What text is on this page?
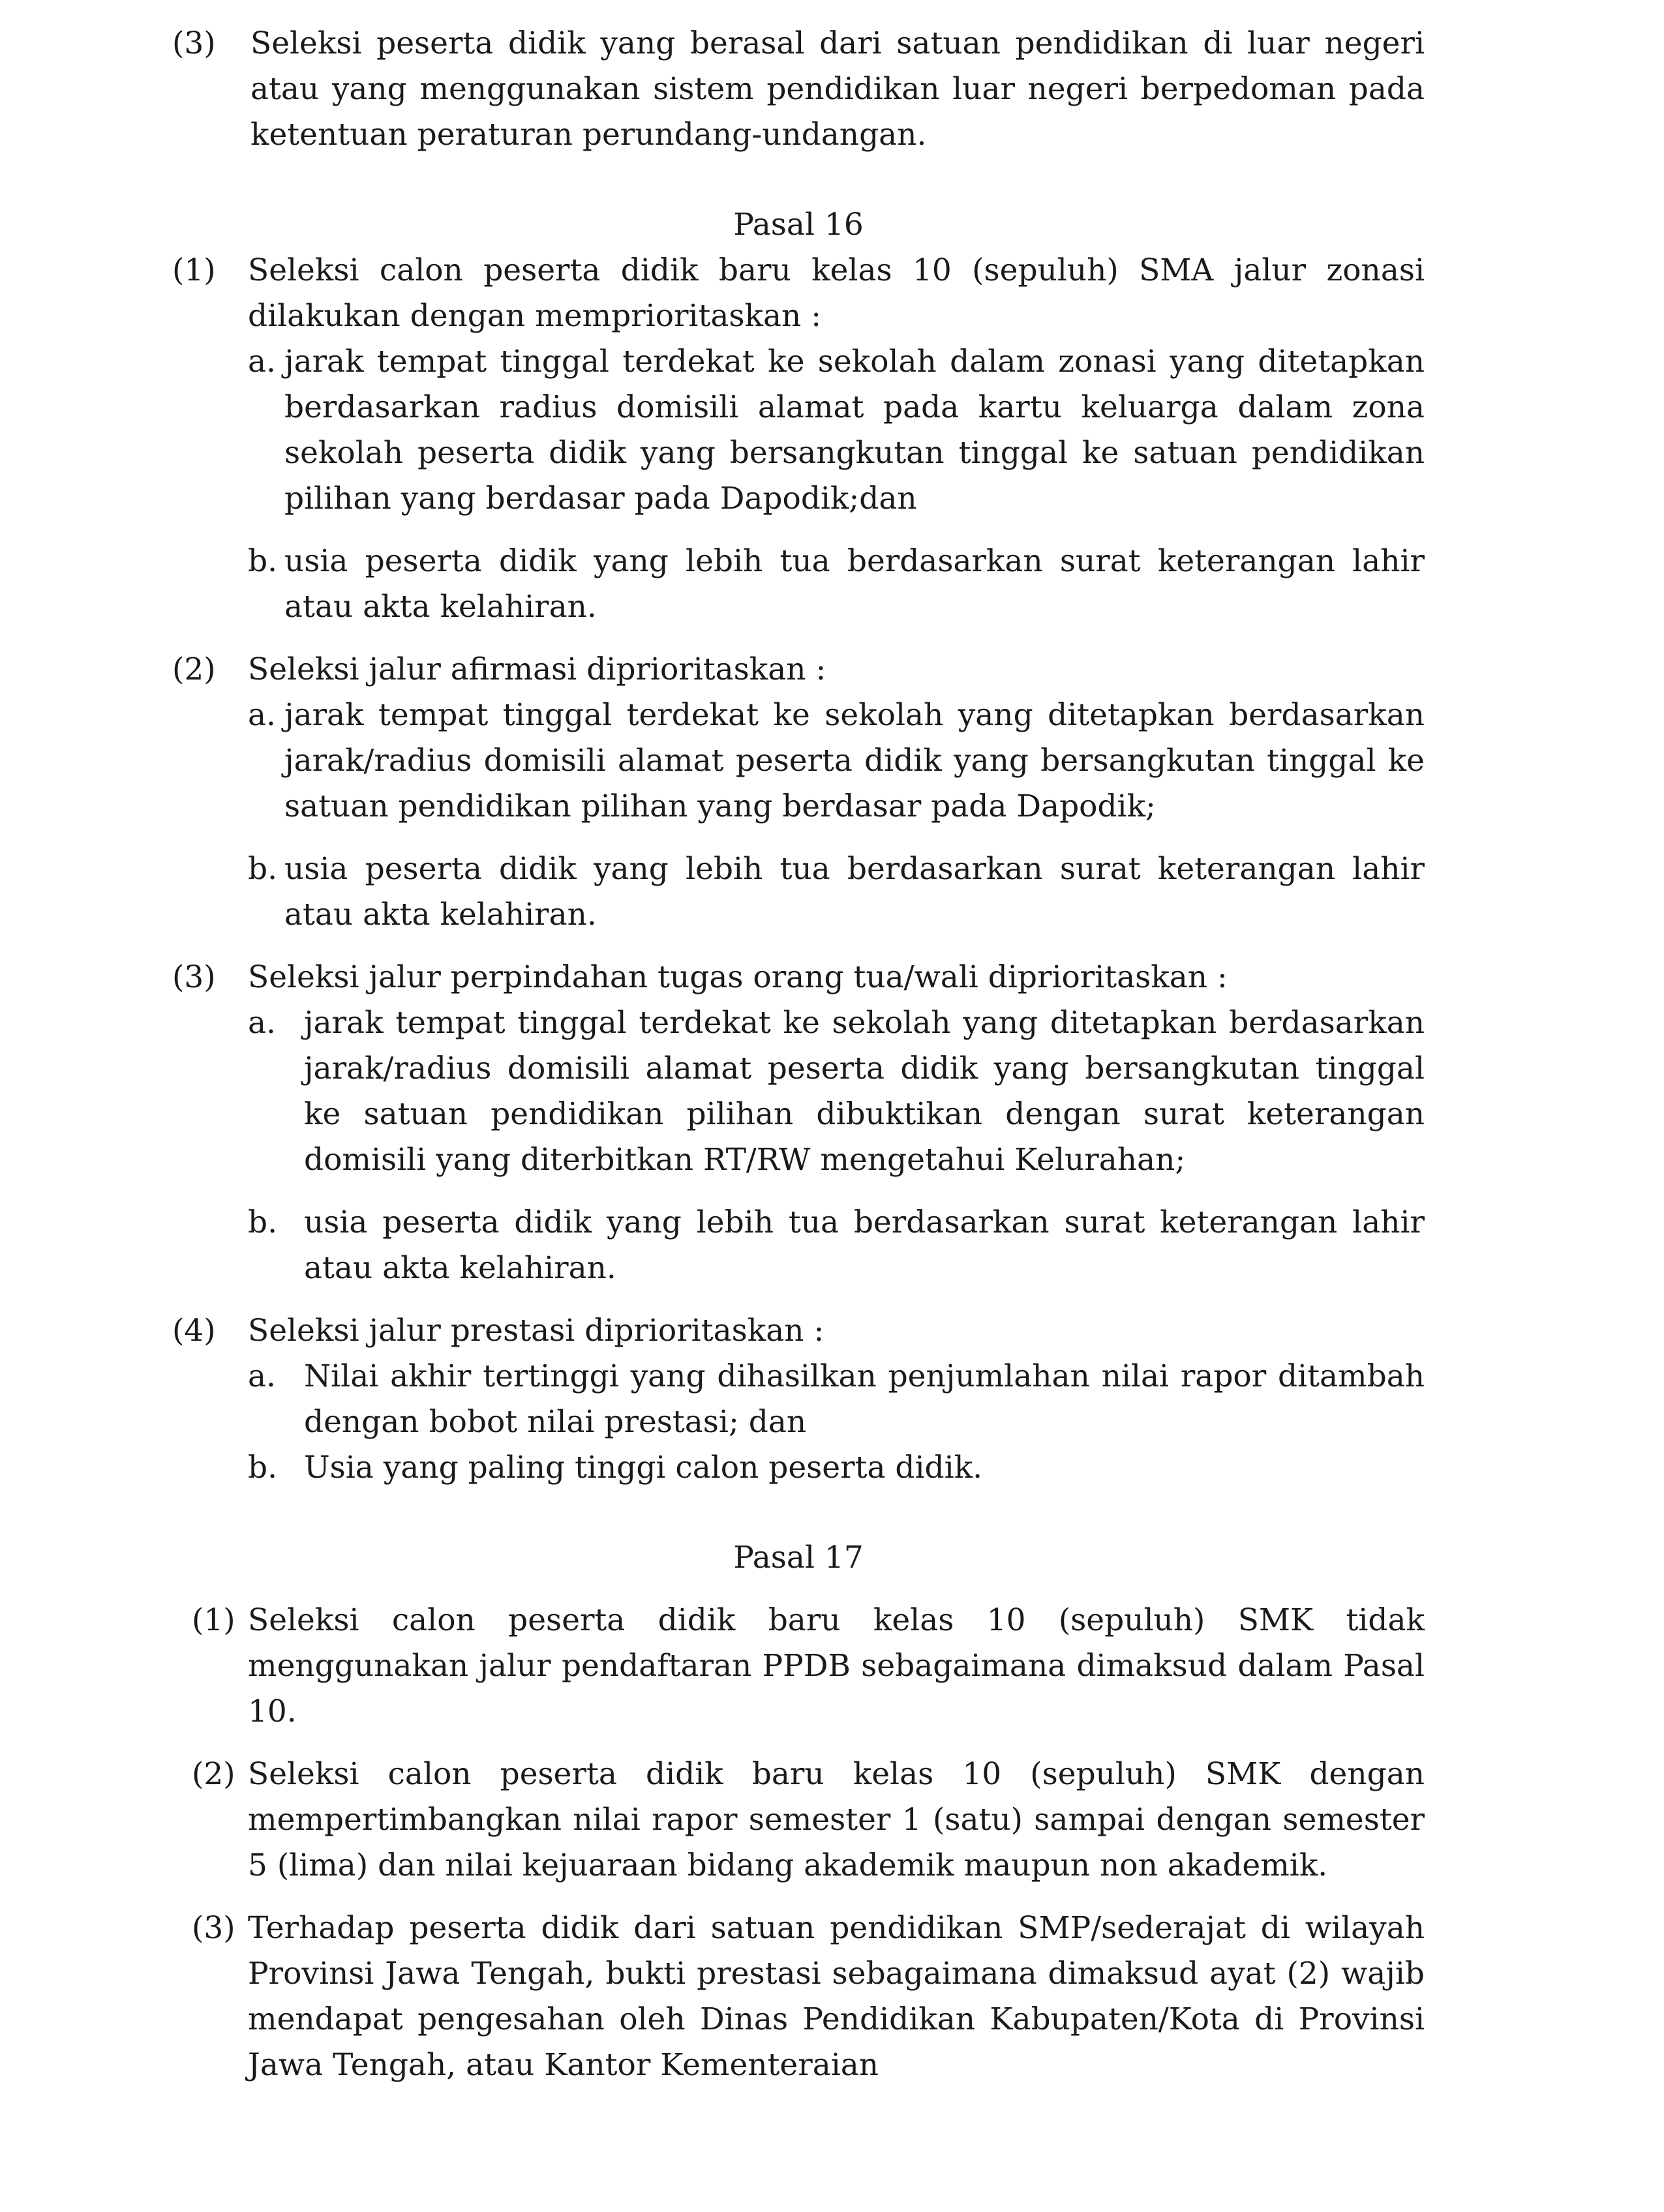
(3)	Seleksi peserta didik yang berasal dari satuan pendidikan di luar negeri atau yang menggunakan sistem pendidikan luar negeri berpedoman pada ketentuan peraturan perundang-undangan.
Pasal 16
(1)	Seleksi calon peserta didik baru kelas 10 (sepuluh) SMA jalur zonasi dilakukan dengan memprioritaskan :
a. jarak tempat tinggal terdekat ke sekolah dalam zonasi yang ditetapkan berdasarkan radius domisili alamat pada kartu keluarga dalam zona sekolah peserta didik yang bersangkutan tinggal ke satuan pendidikan pilihan yang berdasar pada Dapodik;dan
b. usia peserta didik yang lebih tua berdasarkan surat keterangan lahir atau akta kelahiran.
(2)	Seleksi jalur afirmasi diprioritaskan :
a. jarak tempat tinggal terdekat ke sekolah yang ditetapkan berdasarkan jarak/radius domisili alamat peserta didik yang bersangkutan tinggal ke satuan pendidikan pilihan yang berdasar pada Dapodik;
b. usia peserta didik yang lebih tua berdasarkan surat keterangan lahir atau akta kelahiran.
(3)	Seleksi jalur perpindahan tugas orang tua/wali diprioritaskan :
a. jarak tempat tinggal terdekat ke sekolah yang ditetapkan berdasarkan jarak/radius domisili alamat peserta didik yang bersangkutan tinggal ke satuan pendidikan pilihan dibuktikan dengan surat keterangan domisili yang diterbitkan RT/RW mengetahui Kelurahan;
b. usia peserta didik yang lebih tua berdasarkan surat keterangan lahir atau akta kelahiran.
(4)	Seleksi jalur prestasi diprioritaskan :
a. Nilai akhir tertinggi yang dihasilkan penjumlahan nilai rapor ditambah dengan bobot nilai prestasi; dan
b. Usia yang paling tinggi calon peserta didik.
Pasal 17
(1) Seleksi calon peserta didik baru kelas 10 (sepuluh) SMK tidak menggunakan jalur pendaftaran PPDB sebagaimana dimaksud dalam Pasal 10.
(2) Seleksi calon peserta didik baru kelas 10 (sepuluh) SMK dengan mempertimbangkan nilai rapor semester 1 (satu) sampai dengan semester 5 (lima) dan nilai kejuaraan bidang akademik maupun non akademik.
(3) Terhadap peserta didik dari satuan pendidikan SMP/sederajat di wilayah Provinsi Jawa Tengah, bukti prestasi sebagaimana dimaksud ayat (2) wajib mendapat pengesahan oleh Dinas Pendidikan Kabupaten/Kota di Provinsi Jawa Tengah, atau Kantor Kementeraian
